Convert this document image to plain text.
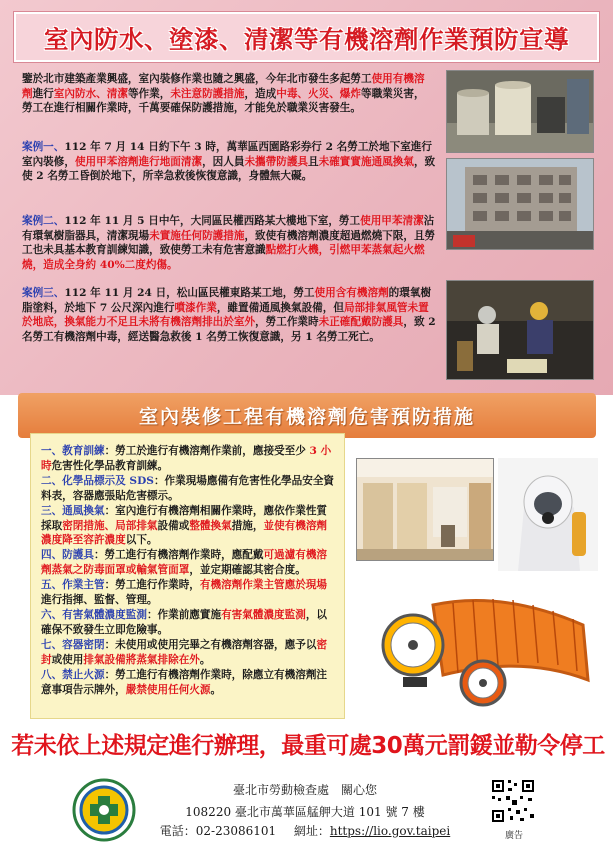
室內防水、塗漆、清潔等有機溶劑作業預防宣導
鑒於北市建築產業興盛，室內裝修作業也隨之興盛，今年北市發生多起勞工使用有機溶劑進行室內防水、清潔等作業，未注意防護措施，造成中毒、火災、爆炸等職業災害，勞工在進行相關作業時，千萬要確保防護措施，才能免於職業災害發生。
案例一、112 年 7 月 14 日約下午 3 時，萬華區西園路彩券行 2 名勞工於地下室進行室內裝修，使用甲苯溶劑進行地面清潔，因人員未攜帶防護具且未確實實施通風換氣，致使 2 名勞工昏倒於地下，所幸急救後恢復意識，身體無大礙。
案例二、112 年 11 月 5 日中午，大同區民權西路某大樓地下室，勞工使用甲苯清潔沾有環氧樹脂器具，清潔現場未實施任何防護措施，致使有機溶劑濃度超過燃燒下限，且勞工也未具基本教育訓練知識，致使勞工未有危害意識點燃打火機，引燃甲苯蒸氣起火燃燒，造成全身約 40%二度灼傷。
案例三、112 年 11 月 24 日，松山區民權東路某工地，勞工使用含有機溶劑的環氧樹脂塗料，於地下 7 公尺深內進行噴漆作業，雖置備通風換氣設備，但局部排氣風管未置於地底，換氣能力不足且未將有機溶劑排出於室外，勞工作業時未正確配戴防護具，致 2 名勞工有機溶劑中毒，經送醫急救後 1 名勞工恢復意識，另 1 名勞工死亡。
室內裝修工程有機溶劑危害預防措施
一、教育訓練：勞工於進行有機溶劑作業前，應接受至少 3 小時危害性化學品教育訓練。
二、化學品標示及 SDS：作業現場應備有危害性化學品安全資料表，容器應張貼危害標示。
三、通風換氣：室內進行有機溶劑相關作業時，應依作業性質採取密閉措施、局部排氣設備或整體換氣措施，並使有機溶劑濃度降至容許濃度以下。
四、防護具：勞工進行有機溶劑作業時，應配戴可過濾有機溶劑蒸氣之防毒面罩或輸氣管面罩，並定期確認其密合度。
五、作業主管：勞工進行作業時，有機溶劑作業主管應於現場進行指揮、監督、管理。
六、有害氣體濃度監測：作業前應實施有害氣體濃度監測，以確保不致發生立即危險事。
七、容器密閉：未使用或使用完畢之有機溶劑容器，應予以密封或使用排氣設備將蒸氣排除在外。
八、禁止火源：勞工進行有機溶劑作業時，除應立有機溶劑注意事項告示牌外，嚴禁使用任何火源。
若未依上述規定進行辦理，最重可處30萬元罰鍰並勒令停工
臺北市勞動檢查處　關心您
108220 臺北市萬華區艋舺大道 101 號 7 樓
電話：02-23086101 網址：https://lio.gov.taipei	廣告
